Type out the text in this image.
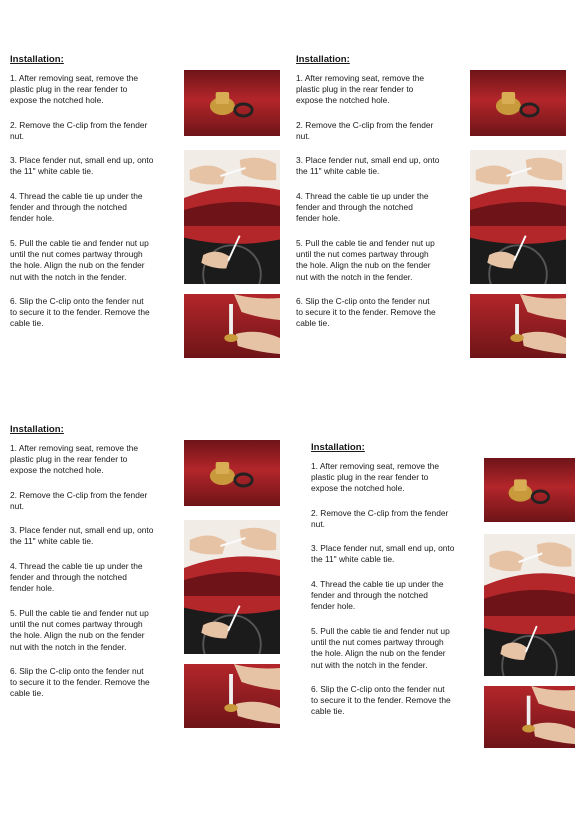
Installation:
1. After removing seat, remove the
plastic plug in the rear fender to
expose the notched hole.
2. Remove the C-clip from the fender
nut.
3. Place fender nut, small end up, onto
the 11" white cable tie.
4. Thread the cable tie up under the
fender and through the notched
fender hole.
5. Pull the cable tie and fender nut up
until the nut comes partway through
the hole. Align the nub on the fender
nut with the notch in the fender.
6. Slip the C-clip onto the fender nut
to secure it to the fender. Remove the
cable tie.
Installation:
1. After removing seat, remove the
plastic plug in the rear fender to
expose the notched hole.
2. Remove the C-clip from the fender
nut.
3. Place fender nut, small end up, onto
the 11" white cable tie.
4. Thread the cable tie up under the
fender and through the notched
fender hole.
5. Pull the cable tie and fender nut up
until the nut comes partway through
the hole. Align the nub on the fender
nut with the notch in the fender.
6. Slip the C-clip onto the fender nut
to secure it to the fender. Remove the
cable tie.
Installation:
1. After removing seat, remove the
plastic plug in the rear fender to
expose the notched hole.
2. Remove the C-clip from the fender
nut.
3. Place fender nut, small end up, onto
the 11" white cable tie.
4. Thread the cable tie up under the
fender and through the notched
fender hole.
5. Pull the cable tie and fender nut up
until the nut comes partway through
the hole. Align the nub on the fender
nut with the notch in the fender.
6. Slip the C-clip onto the fender nut
to secure it to the fender. Remove the
cable tie.
Installation:
1. After removing seat, remove the
plastic plug in the rear fender to
expose the notched hole.
2. Remove the C-clip from the fender
nut.
3. Place fender nut, small end up, onto
the 11" white cable tie.
4. Thread the cable tie up under the
fender and through the notched
fender hole.
5. Pull the cable tie and fender nut up
until the nut comes partway through
the hole. Align the nub on the fender
nut with the notch in the fender.
6. Slip the C-clip onto the fender nut
to secure it to the fender. Remove the
cable tie.
